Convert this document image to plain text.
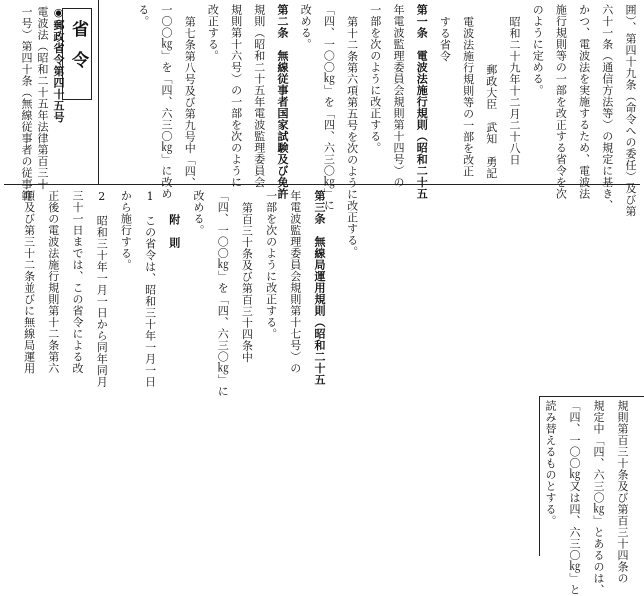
省令
◉郵政省令第四十五号
電波法（昭和二十五年法律第百三十
一号）第四十条（無線従事者の従事範	囲）、第四十九条（命令への委任）及び第
六十一条（通信方法等）の規定に基き、
かつ、電波法を実施するため、電波法
施行規則等の一部を改正する省令を次
のように定める。
昭和二十九年十二月二十八日
郵政大臣　武知　勇記
電波法施行規則等の一部を改正
する省令
第一条　電波法施行規則（昭和二十五
年電波監理委員会規則第十四号）の
一部を次のように改正する。
第十二条第六項第五号を次のように改正する。
「四、一〇〇㎏」を「四、六三〇㎏」に
改める。
第二条　無線従事者国家試験及び免許
規則（昭和二十五年電波監理委員会
規則第十六号）の一部を次のように
改正する。
第七条第八号及び第九号中「四、
一〇〇㎏」を「四、六三〇㎏」に改め
る。
第三条　無線局運用規則（昭和二十五
年電波監理委員会規則第十七号）の
一部を次のように改正する。
第百三十条及び第百三十四条中
「四、一〇〇㎏」を「四、六三〇㎏」に
改める。
附　則
1　この省令は、昭和三十年一月一日
から施行する。
2　昭和三十年一月一日から同年同月
三十一日までは、この省令による改
正後の電波法施行規則第十二条第六
項及び第三十二条並びに無線局運用
規則第百三十条及び第百三十四条の
規定中「四、六三〇㎏」とあるのは、
「四、一〇〇㎏又は四、六三〇㎏」と
読み替えるものとする。
